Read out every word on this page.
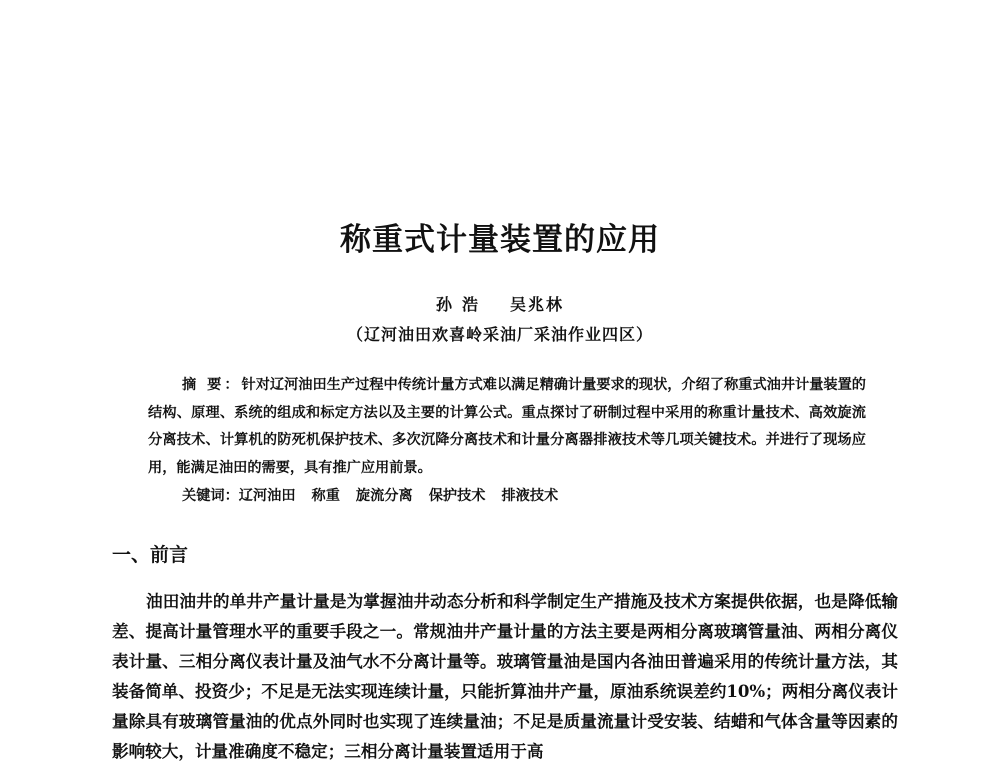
称重式计量装置的应用
孙浩 吴兆林
（辽河油田欢喜岭采油厂采油作业四区）

摘 要：针对辽河油田生产过程中传统计量方式难以满足精确计量要求的现状，介绍了称重式油井计量装置的结构、原理、系统的组成和标定方法以及主要的计算公式。重点探讨了研制过程中采用的称重计量技术、高效旋流分离技术、计算机的防死机保护技术、多次沉降分离技术和计量分离器排液技术等几项关键技术。并进行了现场应用，能满足油田的需要，具有推广应用前景。

关键词：辽河油田 称重 旋流分离 保护技术 排液技术
一、前言

油田油井的单井产量计量是为掌握油井动态分析和科学制定生产措施及技术方案提供依据，也是降低输差、提高计量管理水平的重要手段之一。常规油井产量计量的方法主要是两相分离玻璃管量油、两相分离仪表计量、三相分离仪表计量及油气水不分离计量等。玻璃管量油是国内各油田普遍采用的传统计量方法，其装备简单、投资少；不足是无法实现连续计量，只能折算油井产量，原油系统误差约10%；两相分离仪表计量除具有玻璃管量油的优点外同时也实现了连续量油；不足是质量流量计受安装、结蜡和气体含量等因素的影响较大，计量准确度不稳定；三相分离计量装置适用于高
